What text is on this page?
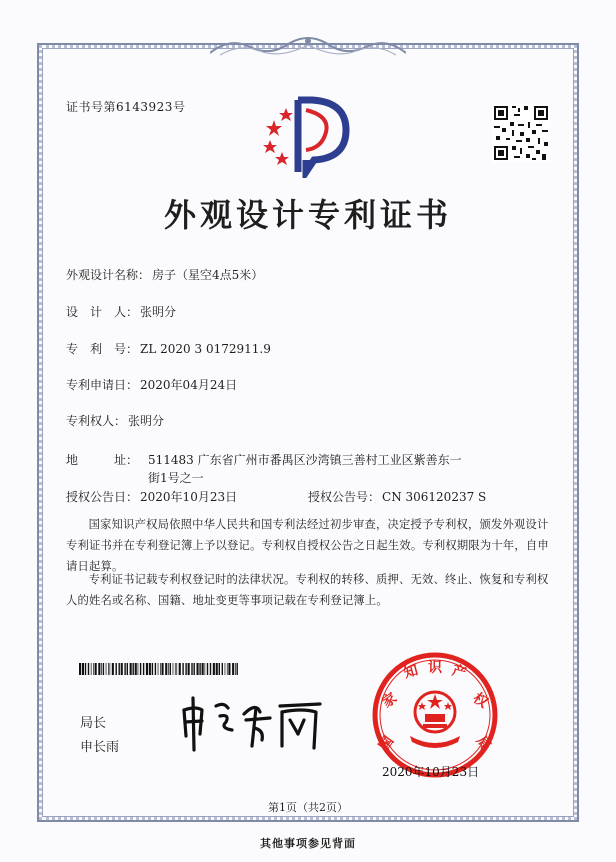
证书号第6143923号
外观设计专利证书
外观设计名称： 房子（星空4点5米）
设　计　人： 张明分
专　利　号： ZL 2020 3 0172911.9
专利申请日： 2020年04月24日
专利权人： 张明分
地　　　址： 511483 广东省广州市番禺区沙湾镇三善村工业区紫善东一街1号之一
授权公告日： 2020年10月23日	授权公告号： CN 306120237 S
国家知识产权局依照中华人民共和国专利法经过初步审查，决定授予专利权，颁发外观设计专利证书并在专利登记簿上予以登记。专利权自授权公告之日起生效。专利权期限为十年，自申请日起算。
专利证书记载专利权登记时的法律状况。专利权的转移、质押、无效、终止、恢复和专利权人的姓名或名称、国籍、地址变更等事项记载在专利登记簿上。
局长
申长雨	国
家
知 识 产
权
局
2020年10月23日
第1页（共2页）
其他事项参见背面
